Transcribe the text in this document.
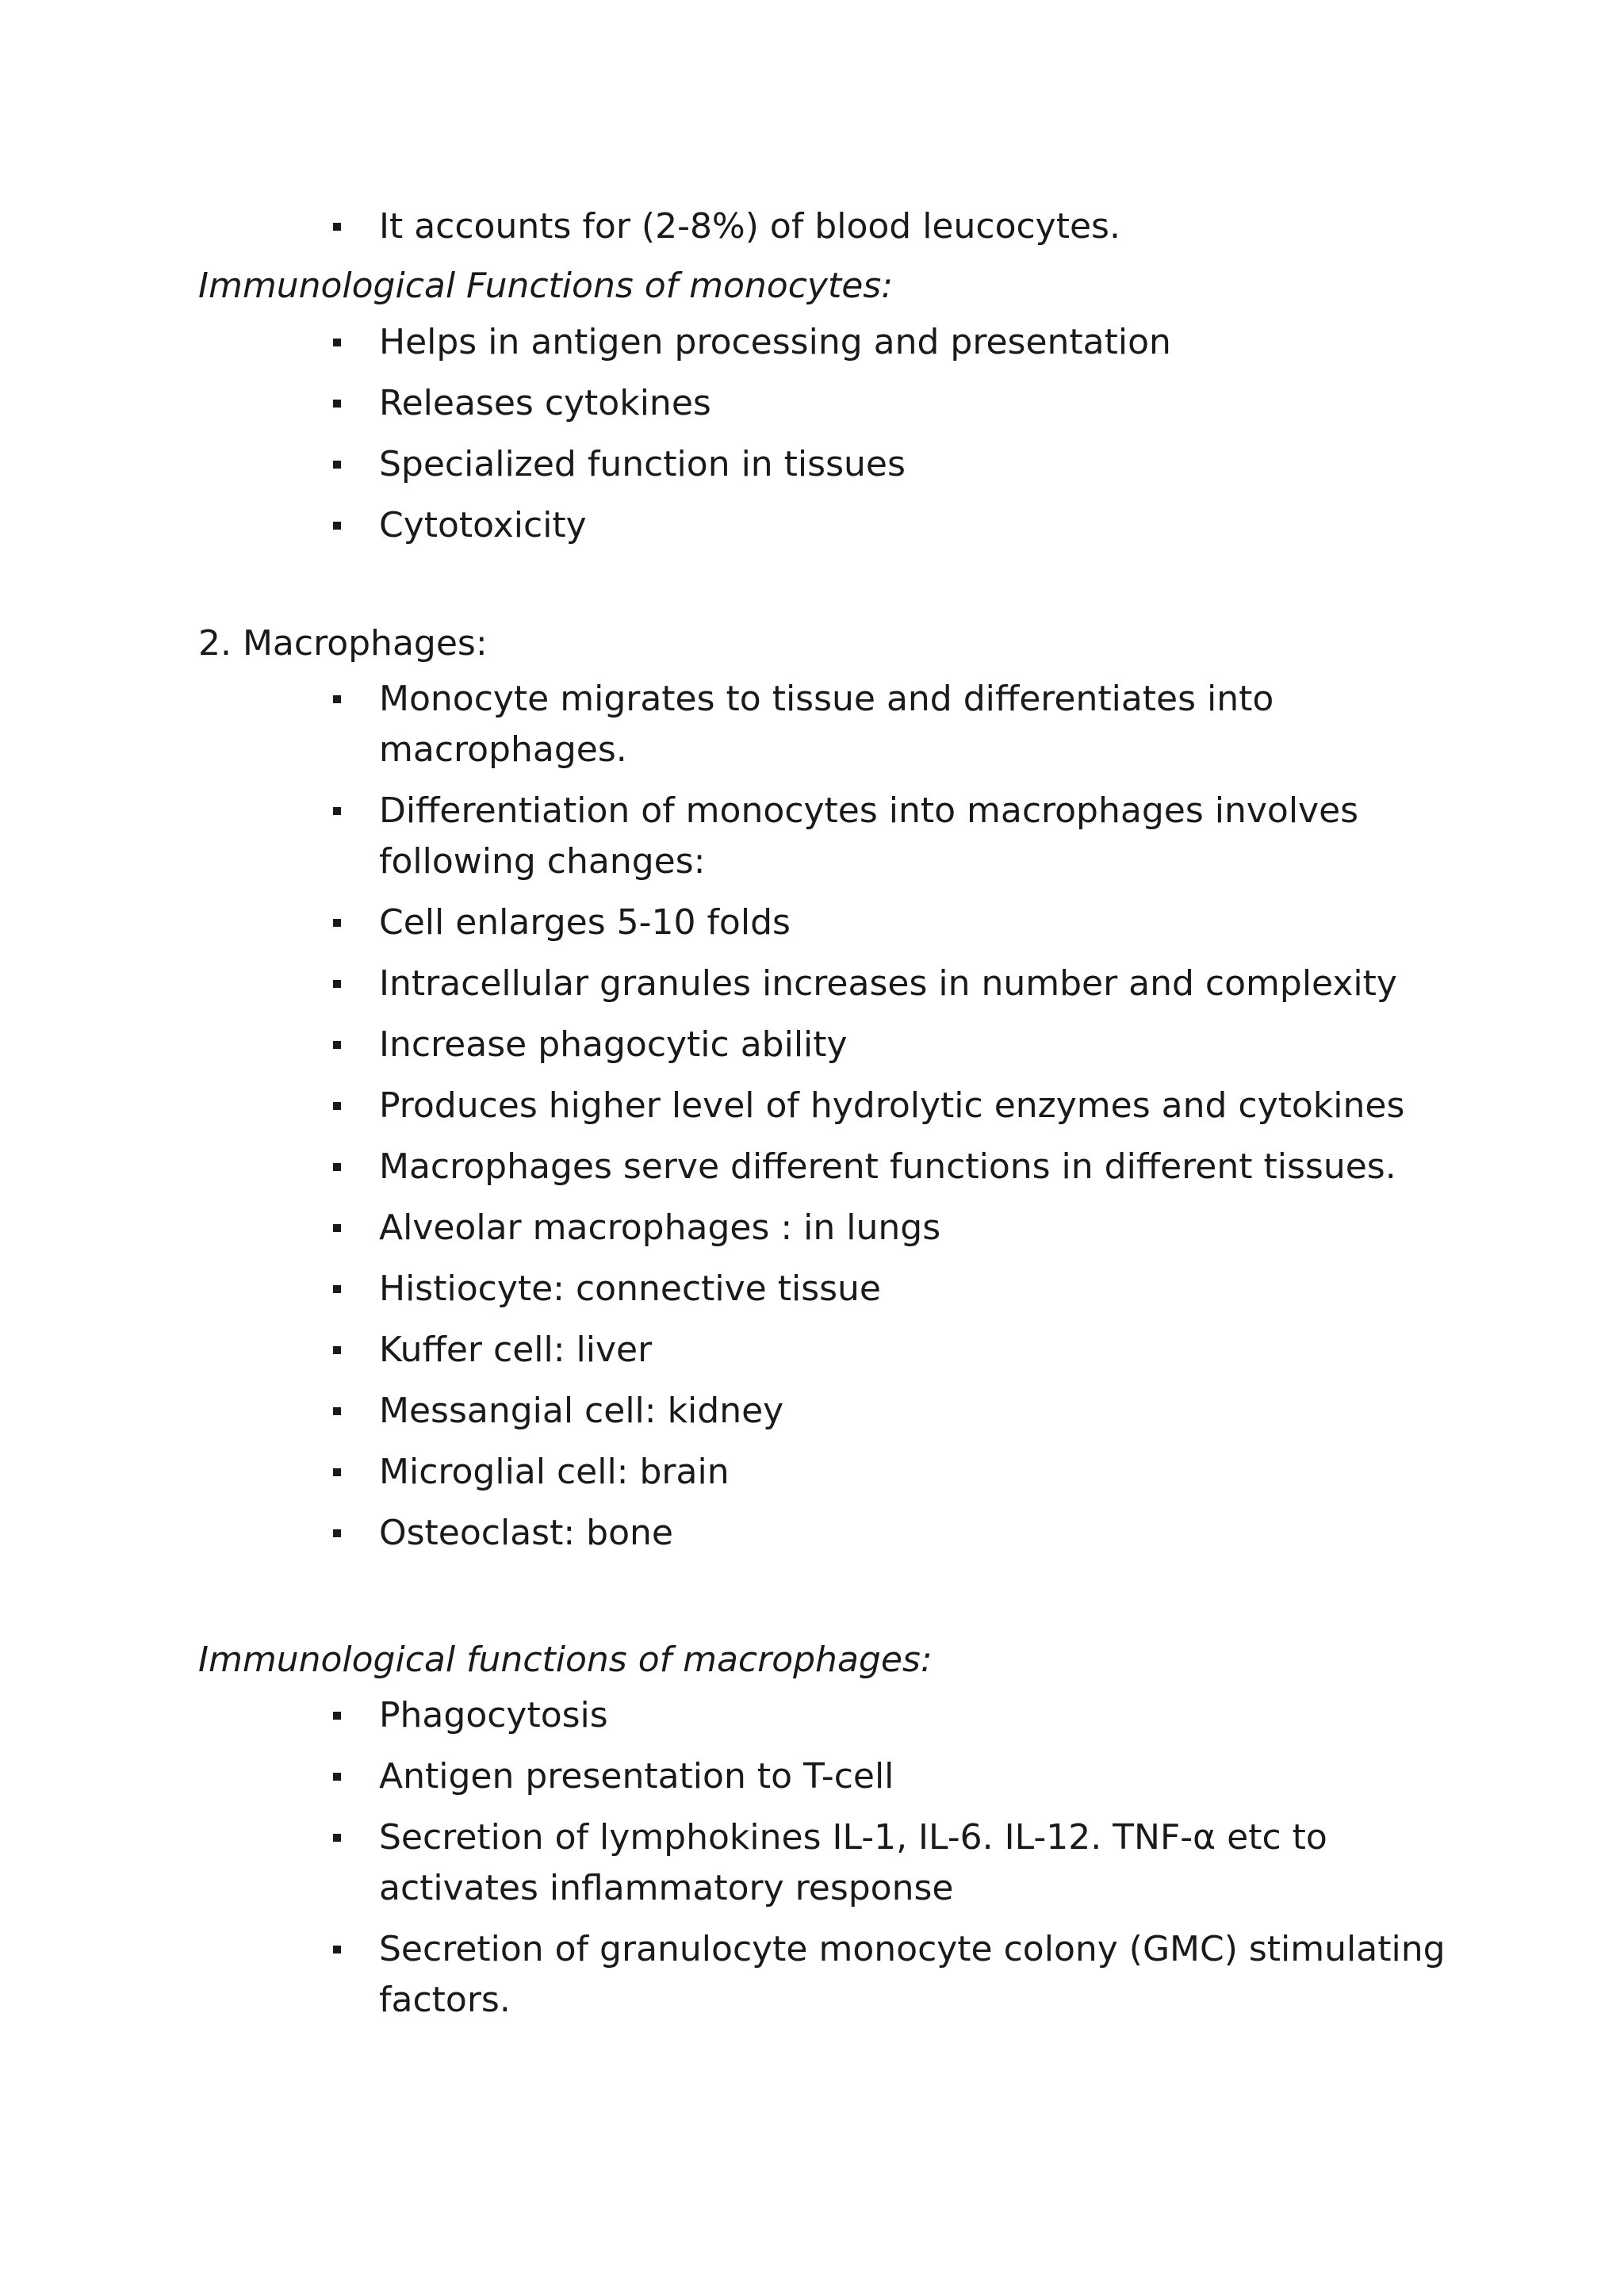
It accounts for (2-8%) of blood leucocytes.
Immunological Functions of monocytes:
Helps in antigen processing and presentation
Releases cytokines
Specialized function in tissues
Cytotoxicity
2. Macrophages:
Monocyte migrates to tissue and differentiates into macrophages.
Differentiation of monocytes into macrophages involves following changes:
Cell enlarges 5-10 folds
Intracellular granules increases in number and complexity
Increase phagocytic ability
Produces higher level of hydrolytic enzymes and cytokines
Macrophages serve different functions in different tissues.
Alveolar macrophages : in lungs
Histiocyte: connective tissue
Kuffer cell: liver
Messangial cell: kidney
Microglial cell: brain
Osteoclast: bone
Immunological functions of macrophages:
Phagocytosis
Antigen presentation to T-cell
Secretion of lymphokines IL-1, IL-6. IL-12. TNF-α etc to activates inflammatory response
Secretion of granulocyte monocyte colony (GMC) stimulating factors.
